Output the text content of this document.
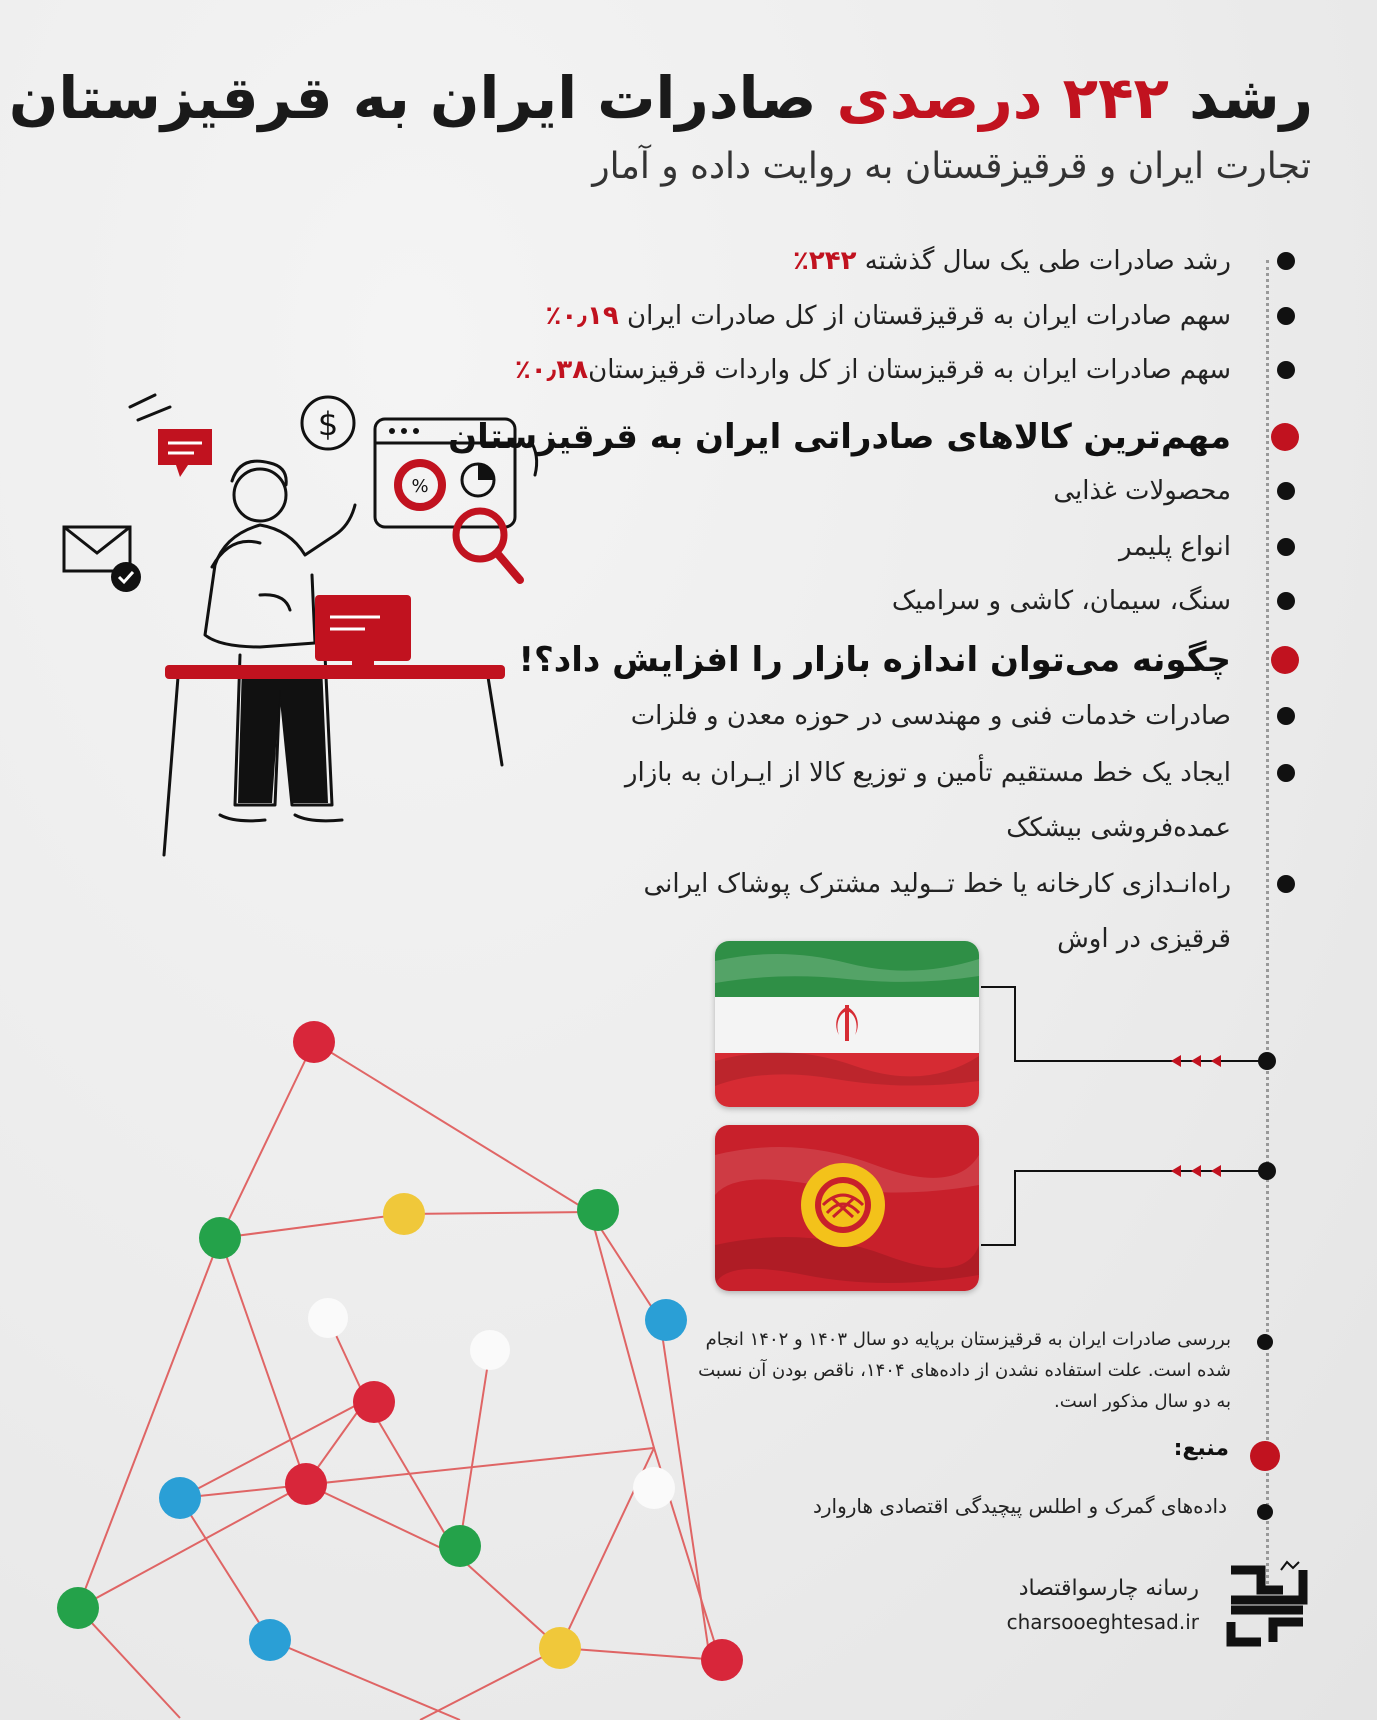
رشد ۲۴۲ درصدی صادرات ایران به قرقیزستان
تجارت ایران و قرقیزقستان به روایت داده و آمار
رشد صادرات طی یک سال گذشته ۲۴۲٪
سهم صادرات ایران به قرقیزقستان از کل صادرات ایران ۰٫۱۹٪
سهم صادرات ایران به قرقیزستان از کل واردات قرقیزستان۰٫۳۸٪
مهم‌ترین کالاهای صادراتی ایران به قرقیزستان
محصولات غذایی
انواع پلیمر
سنگ، سیمان، کاشی و سرامیک
چگونه می‌توان اندازه بازار را افزایش داد؟!
صادرات خدمات فنی و مهندسی در حوزه معدن و فلزات
ایجاد یک خط مستقیم تأمین و توزیع کالا از ایـران به بازار
عمده‌فروشی بیشکک
راه‌انـدازی کارخانه یا خط تــولید مشترک پوشاک ایرانی
قرقیزی در اوش
بررسی صادرات ایران به قرقیزستان برپایه دو سال ۱۴۰۳ و ۱۴۰۲ انجام شده است. علت استفاده نشدن از داده‌های ۱۴۰۴، ناقص بودن آن نسبت به دو سال مذکور است.
منبع:
داده‌های گمرک و اطلس پیچیدگی اقتصادی هاروارد
رسانه چارسواقتصاد
charsooeghtesad.ir
%
$
